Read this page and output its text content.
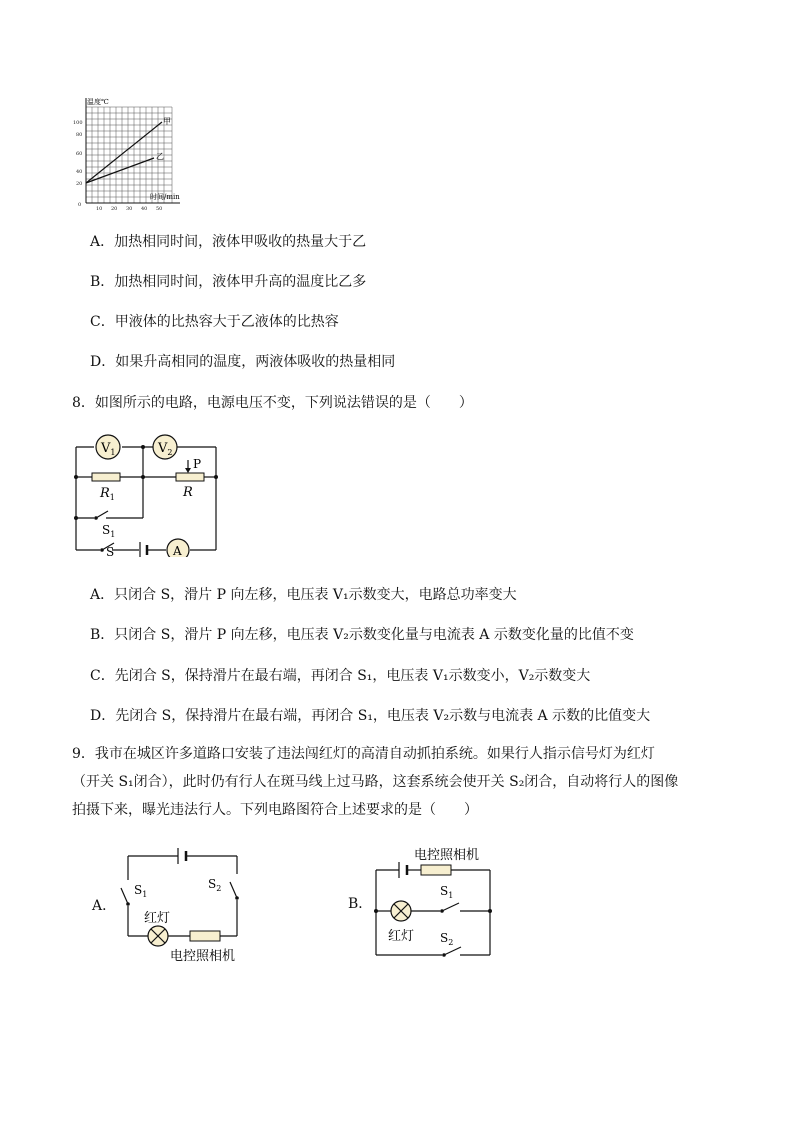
温度℃
甲
乙
时间/min
100
80
60
40
20
0
10 20 30 40 50
A．加热相同时间，液体甲吸收的热量大于乙
B．加热相同时间，液体甲升高的温度比乙多
C．甲液体的比热容大于乙液体的比热容
D．如果升高相同的温度，两液体吸收的热量相同
8．如图所示的电路，电源电压不变，下列说法错误的是（　　）
$V_1$	$V_2$
$R_1$
P
R
$S_1$
S	A
A．只闭合 S，滑片 P 向左移，电压表 V₁示数变大，电路总功率变大
B．只闭合 S，滑片 P 向左移，电压表 V₂示数变化量与电流表 A 示数变化量的比值不变
C．先闭合 S，保持滑片在最右端，再闭合 S₁，电压表 V₁示数变小，V₂示数变大
D．先闭合 S，保持滑片在最右端，再闭合 S₁，电压表 V₂示数与电流表 A 示数的比值变大
9．我市在城区许多道路口安装了违法闯红灯的高清自动抓拍系统。如果行人指示信号灯为红灯（开关 S₁闭合），此时仍有行人在斑马线上过马路，这套系统会使开关 S₂闭合，自动将行人的图像拍摄下来，曝光违法行人。下列电路图符合上述要求的是（　　）
A．
$S_1$
$S_2$
红灯
电控照相机
B．
电控照相机
$S_1$
红灯 $S_2$
